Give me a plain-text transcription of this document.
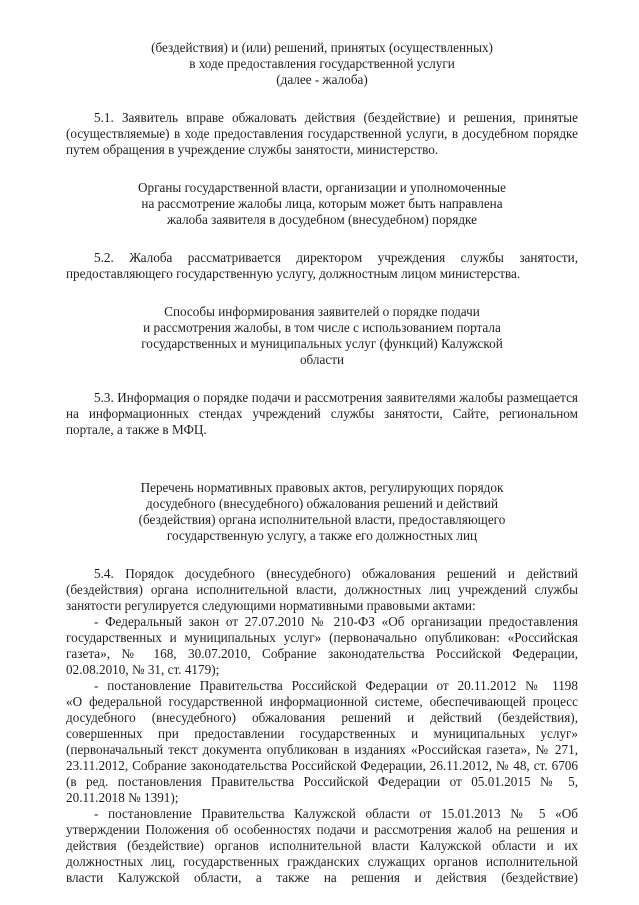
(бездействия) и (или) решений, принятых (осуществленных)
в ходе предоставления государственной услуги
(далее - жалоба)
5.1. Заявитель вправе обжаловать действия (бездействие) и решения, принятые
(осуществляемые) в ходе предоставления государственной услуги, в досудебном порядке
путем обращения в учреждение службы занятости, министерство.
Органы государственной власти, организации и уполномоченные
на рассмотрение жалобы лица, которым может быть направлена
жалоба заявителя в досудебном (внесудебном) порядке
5.2. Жалоба рассматривается директором учреждения службы занятости,
предоставляющего государственную услугу, должностным лицом министерства.
Способы информирования заявителей о порядке подачи
и рассмотрения жалобы, в том числе с использованием портала
государственных и муниципальных услуг (функций) Калужской
области
5.3. Информация о порядке подачи и рассмотрения заявителями жалобы размещается
на информационных стендах учреждений службы занятости, Сайте, региональном
портале, а также в МФЦ.
Перечень нормативных правовых актов, регулирующих порядок
досудебного (внесудебного) обжалования решений и действий
(бездействия) органа исполнительной власти, предоставляющего
государственную услугу, а также его должностных лиц
5.4. Порядок досудебного (внесудебного) обжалования решений и действий
(бездействия) органа исполнительной власти, должностных лиц учреждений службы
занятости регулируется следующими нормативными правовыми актами:
- Федеральный закон от 27.07.2010 № 210-ФЗ «Об организации предоставления
государственных и муниципальных услуг» (первоначально опубликован: «Российская
газета», № 168, 30.07.2010, Собрание законодательства Российской Федерации,
02.08.2010, № 31, ст. 4179);
- постановление Правительства Российской Федерации от 20.11.2012 № 1198
«О федеральной государственной информационной системе, обеспечивающей процесс
досудебного (внесудебного) обжалования решений и действий (бездействия),
совершенных при предоставлении государственных и муниципальных услуг»
(первоначальный текст документа опубликован в изданиях «Российская газета», № 271,
23.11.2012, Собрание законодательства Российской Федерации, 26.11.2012, № 48, ст. 6706
(в ред. постановления Правительства Российской Федерации от 05.01.2015 № 5,
20.11.2018 № 1391);
- постановление Правительства Калужской области от 15.01.2013 № 5 «Об
утверждении Положения об особенностях подачи и рассмотрения жалоб на решения и
действия (бездействие) органов исполнительной власти Калужской области и их
должностных лиц, государственных гражданских служащих органов исполнительной
власти Калужской области, а также на решения и действия (бездействие)
